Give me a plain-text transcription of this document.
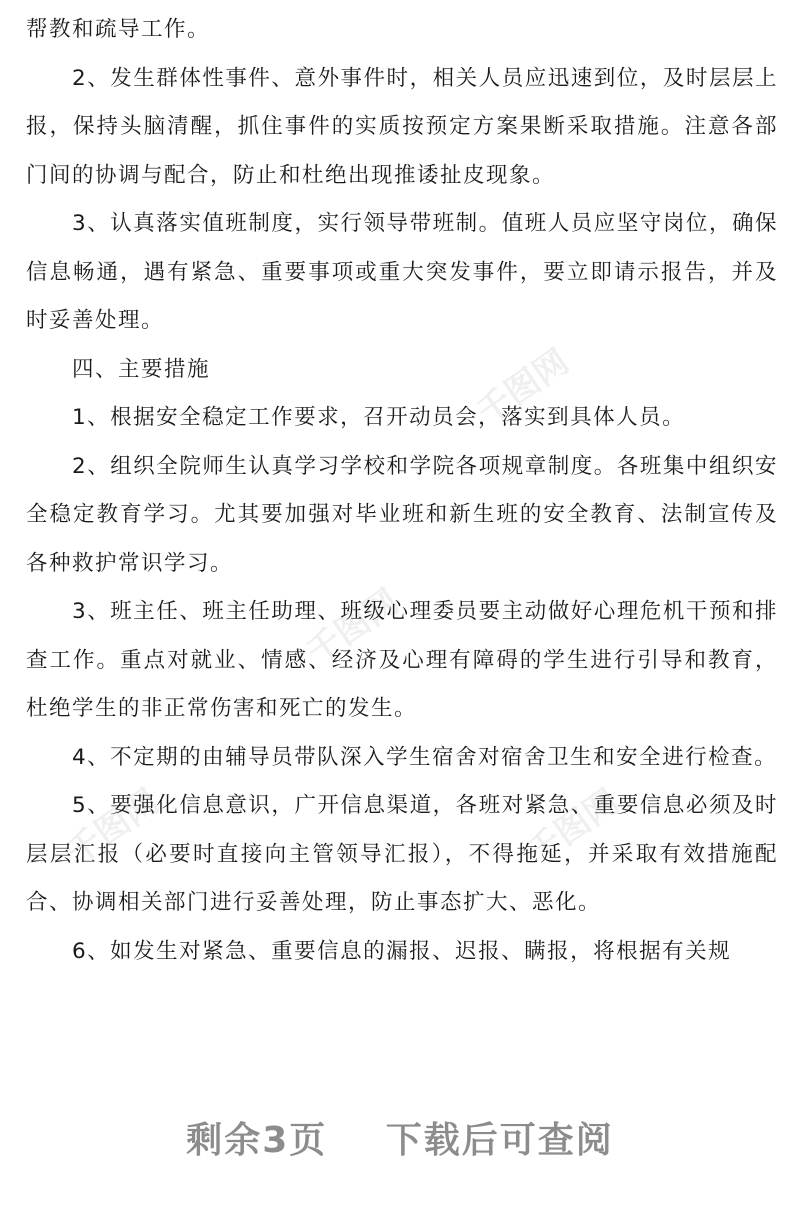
千图网
千图网
千图网	千图网

帮教和疏导工作。

2、发生群体性事件、意外事件时，相关人员应迅速到位，及时层层上报，保持头脑清醒，抓住事件的实质按预定方案果断采取措施。注意各部门间的协调与配合，防止和杜绝出现推诿扯皮现象。

3、认真落实值班制度，实行领导带班制。值班人员应坚守岗位，确保信息畅通，遇有紧急、重要事项或重大突发事件，要立即请示报告，并及时妥善处理。

四、主要措施

1、根据安全稳定工作要求，召开动员会，落实到具体人员。

2、组织全院师生认真学习学校和学院各项规章制度。各班集中组织安全稳定教育学习。尤其要加强对毕业班和新生班的安全教育、法制宣传及各种救护常识学习。

3、班主任、班主任助理、班级心理委员要主动做好心理危机干预和排查工作。重点对就业、情感、经济及心理有障碍的学生进行引导和教育，杜绝学生的非正常伤害和死亡的发生。

4、不定期的由辅导员带队深入学生宿舍对宿舍卫生和安全进行检查。

5、要强化信息意识，广开信息渠道，各班对紧急、重要信息必须及时层层汇报（必要时直接向主管领导汇报），不得拖延，并采取有效措施配合、协调相关部门进行妥善处理，防止事态扩大、恶化。

6、如发生对紧急、重要信息的漏报、迟报、瞒报，将根据有关规

剩余3页 下载后可查阅
